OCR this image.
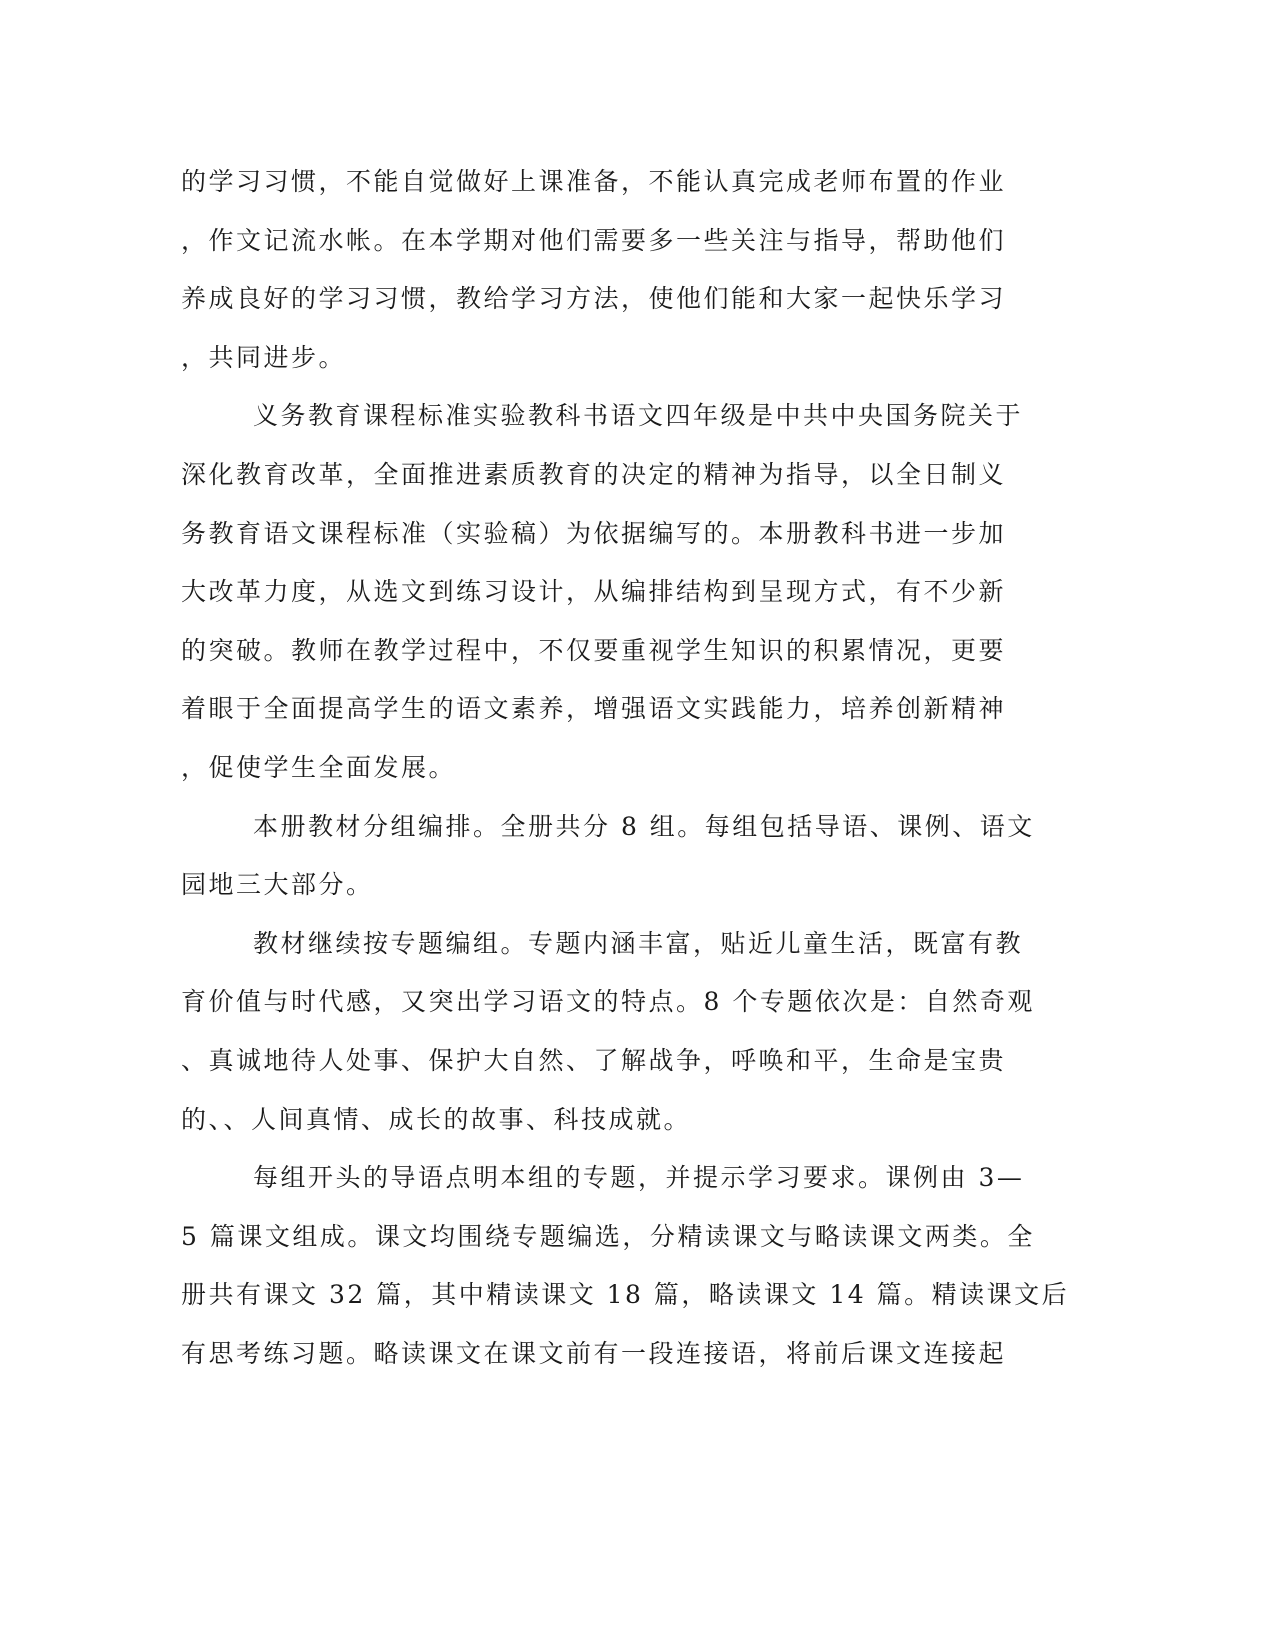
的学习习惯，不能自觉做好上课准备，不能认真完成老师布置的作业
，作文记流水帐。在本学期对他们需要多一些关注与指导，帮助他们
养成良好的学习习惯，教给学习方法，使他们能和大家一起快乐学习
，共同进步。
义务教育课程标准实验教科书语文四年级是中共中央国务院关于
深化教育改革，全面推进素质教育的决定的精神为指导，以全日制义
务教育语文课程标准（实验稿）为依据编写的。本册教科书进一步加
大改革力度，从选文到练习设计，从编排结构到呈现方式，有不少新
的突破。教师在教学过程中，不仅要重视学生知识的积累情况，更要
着眼于全面提高学生的语文素养，增强语文实践能力，培养创新精神
，促使学生全面发展。
本册教材分组编排。全册共分 8 组。每组包括导语、课例、语文
园地三大部分。
教材继续按专题编组。专题内涵丰富，贴近儿童生活，既富有教
育价值与时代感，又突出学习语文的特点。8 个专题依次是：自然奇观
、真诚地待人处事、保护大自然、了解战争，呼唤和平，生命是宝贵
的、、人间真情、成长的故事、科技成就。
每组开头的导语点明本组的专题，并提示学习要求。课例由 3—
5 篇课文组成。课文均围绕专题编选，分精读课文与略读课文两类。全
册共有课文 32 篇，其中精读课文 18 篇，略读课文 14 篇。精读课文后
有思考练习题。略读课文在课文前有一段连接语，将前后课文连接起
